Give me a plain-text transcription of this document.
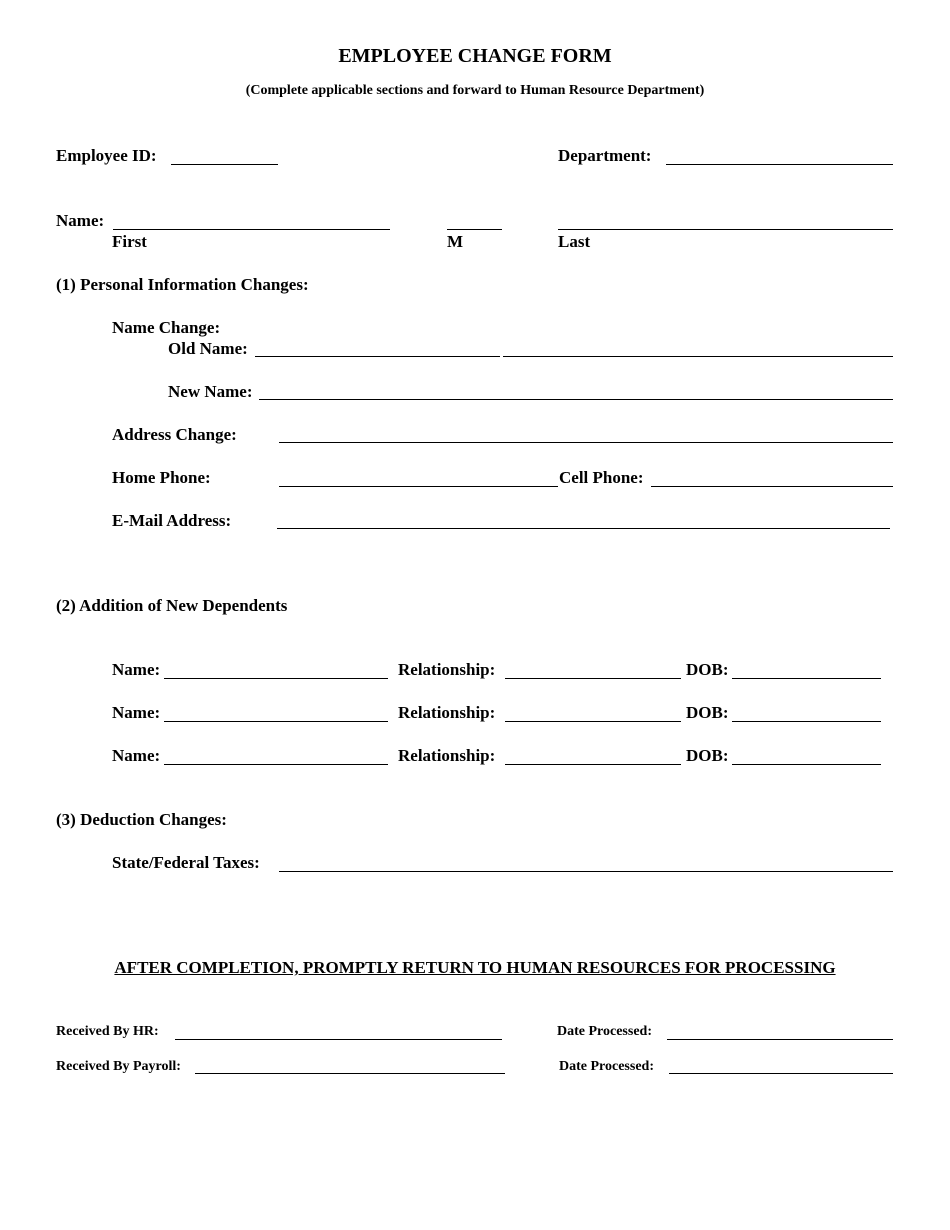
EMPLOYEE CHANGE FORM
(Complete applicable sections and forward to Human Resource Department)
Employee ID:	Department:
Name:
First	M	Last
(1) Personal Information Changes:
Name Change:
Old Name:
New Name:
Address Change:
Home Phone:	Cell Phone:
E-Mail Address:
(2) Addition of New Dependents
Name:	Relationship:	DOB:
Name:	Relationship:	DOB:
Name:	Relationship:	DOB:
(3) Deduction Changes:
State/Federal Taxes:
AFTER COMPLETION, PROMPTLY RETURN TO HUMAN RESOURCES FOR PROCESSING
Received By HR:	Date Processed:
Received By Payroll:	Date Processed:
